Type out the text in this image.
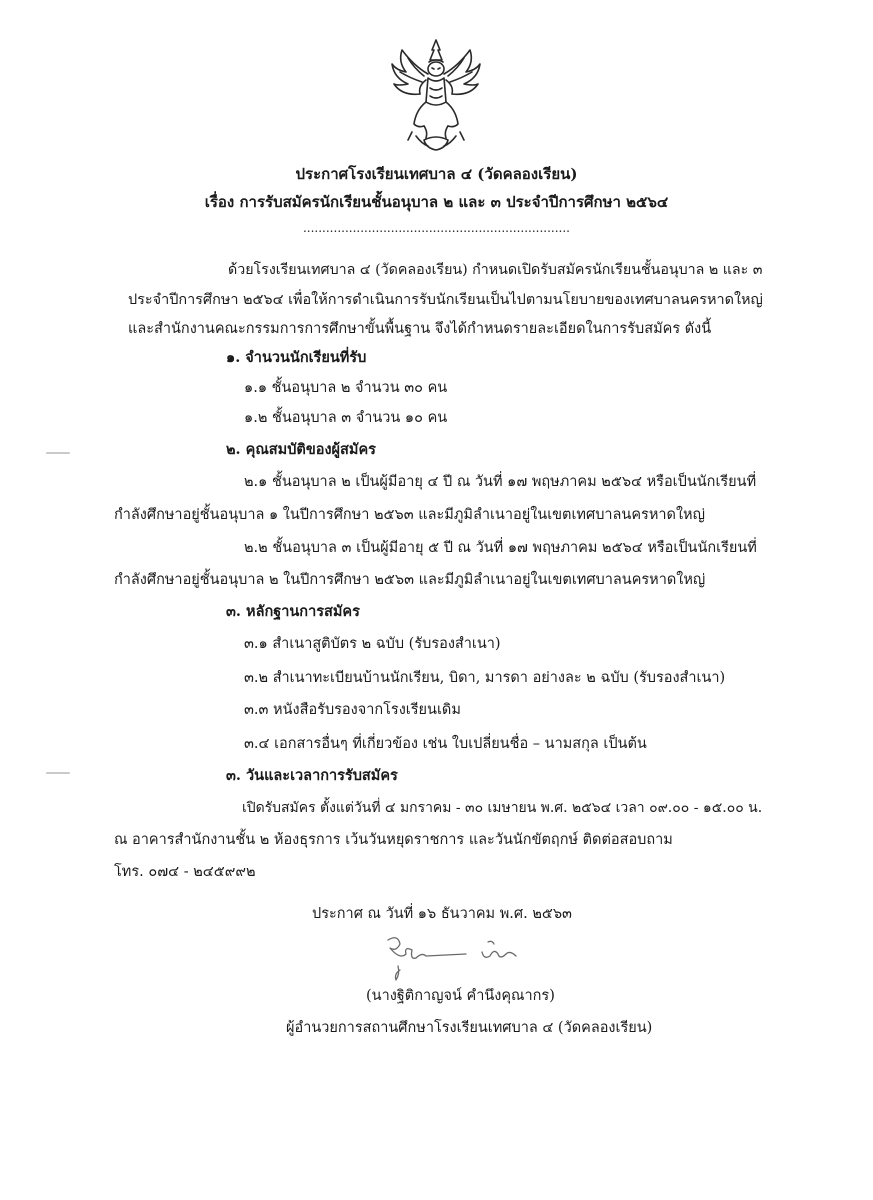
ประกาศโรงเรียนเทศบาล ๔ (วัดคลองเรียน)
เรื่อง การรับสมัครนักเรียนชั้นอนุบาล ๒ และ ๓ ประจำปีการศึกษา ๒๕๖๔
......................................................................
ด้วยโรงเรียนเทศบาล ๔ (วัดคลองเรียน) กำหนดเปิดรับสมัครนักเรียนชั้นอนุบาล ๒ และ ๓
ประจำปีการศึกษา ๒๕๖๔ เพื่อให้การดำเนินการรับนักเรียนเป็นไปตามนโยบายของเทศบาลนครหาดใหญ่
และสำนักงานคณะกรรมการการศึกษาขั้นพื้นฐาน จึงได้กำหนดรายละเอียดในการรับสมัคร ดังนี้
๑. จำนวนนักเรียนที่รับ
๑.๑ ชั้นอนุบาล ๒ จำนวน ๓๐ คน
๑.๒ ชั้นอนุบาล ๓ จำนวน ๑๐ คน
๒. คุณสมบัติของผู้สมัคร
๒.๑ ชั้นอนุบาล ๒ เป็นผู้มีอายุ ๔ ปี ณ วันที่ ๑๗ พฤษภาคม ๒๕๖๔ หรือเป็นนักเรียนที่
กำลังศึกษาอยู่ชั้นอนุบาล ๑ ในปีการศึกษา ๒๕๖๓ และมีภูมิลำเนาอยู่ในเขตเทศบาลนครหาดใหญ่
๒.๒ ชั้นอนุบาล ๓ เป็นผู้มีอายุ ๕ ปี ณ วันที่ ๑๗ พฤษภาคม ๒๕๖๔ หรือเป็นนักเรียนที่
กำลังศึกษาอยู่ชั้นอนุบาล ๒ ในปีการศึกษา ๒๕๖๓ และมีภูมิลำเนาอยู่ในเขตเทศบาลนครหาดใหญ่
๓. หลักฐานการสมัคร
๓.๑ สำเนาสูติบัตร ๒ ฉบับ (รับรองสำเนา)
๓.๒ สำเนาทะเบียนบ้านนักเรียน, บิดา, มารดา อย่างละ ๒ ฉบับ (รับรองสำเนา)
๓.๓ หนังสือรับรองจากโรงเรียนเดิม
๓.๔ เอกสารอื่นๆ ที่เกี่ยวข้อง เช่น ใบเปลี่ยนชื่อ – นามสกุล เป็นต้น
๓. วันและเวลาการรับสมัคร
เปิดรับสมัคร ตั้งแต่วันที่ ๔ มกราคม - ๓๐ เมษายน พ.ศ. ๒๕๖๔ เวลา ๐๙.๐๐ - ๑๕.๐๐ น.
ณ อาคารสำนักงานชั้น ๒ ห้องธุรการ เว้นวันหยุดราชการ และวันนักขัตฤกษ์ ติดต่อสอบถาม
โทร. ๐๗๔ - ๒๔๕๙๙๒
ประกาศ ณ วันที่ ๑๖ ธันวาคม พ.ศ. ๒๕๖๓
(นางฐิติกาญจน์ คำนึงคุณากร)
ผู้อำนวยการสถานศึกษาโรงเรียนเทศบาล ๔ (วัดคลองเรียน)
